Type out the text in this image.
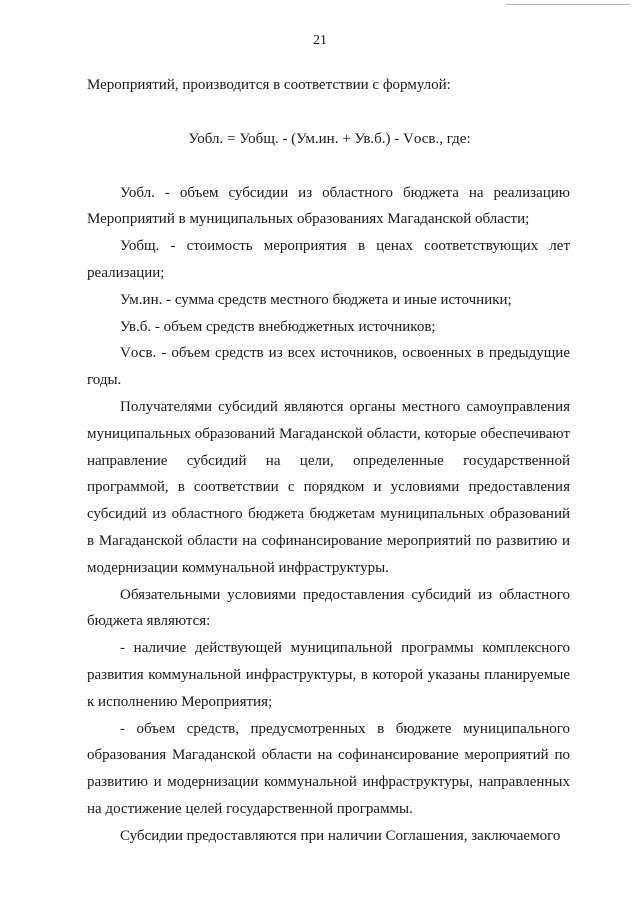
21

Мероприятий, производится в соответствии с формулой:

Уобл. = Уобщ. - (Ум.ин. + Ув.б.) - Vосв., где:

Уобл. - объем субсидии из областного бюджета на реализацию Мероприятий в муниципальных образованиях Магаданской области;

Уобщ. - стоимость мероприятия в ценах соответствующих лет реализации;

Ум.ин. - сумма средств местного бюджета и иные источники;

Ув.б. - объем средств внебюджетных источников;

Vосв. - объем средств из всех источников, освоенных в предыдущие годы.

Получателями субсидий являются органы местного самоуправления муниципальных образований Магаданской области, которые обеспечивают направление субсидий на цели, определенные государственной программой, в соответствии с порядком и условиями предоставления субсидий из областного бюджета бюджетам муниципальных образований в Магаданской области на софинансирование мероприятий по развитию и модернизации коммунальной инфраструктуры.

Обязательными условиями предоставления субсидий из областного бюджета являются:

- наличие действующей муниципальной программы комплексного развития коммунальной инфраструктуры, в которой указаны планируемые к исполнению Мероприятия;

- объем средств, предусмотренных в бюджете муниципального образования Магаданской области на софинансирование мероприятий по развитию и модернизации коммунальной инфраструктуры, направленных на достижение целей государственной программы.

Субсидии предоставляются при наличии Соглашения, заключаемого
